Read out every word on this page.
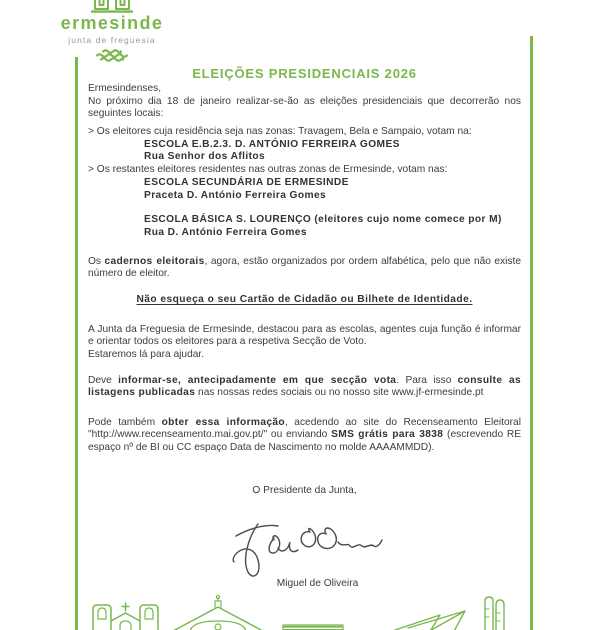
ermesinde
junta de freguesia
ELEIÇÕES PRESIDENCIAIS 2026
Ermesindenses,
No próximo dia 18 de janeiro realizar-se-ão as eleições presidenciais que decorrerão nos seguintes locais:
> Os eleitores cuja residência seja nas zonas: Travagem, Bela e Sampaio, votam na:
ESCOLA E.B.2.3. D. ANTÓNIO FERREIRA GOMES
Rua Senhor dos Aflitos
> Os restantes eleitores residentes nas outras zonas de Ermesinde, votam nas:
ESCOLA SECUNDÁRIA DE ERMESINDE
Praceta D. António Ferreira Gomes
ESCOLA BÁSICA S. LOURENÇO (eleitores cujo nome comece por M)
Rua D. António Ferreira Gomes
Os cadernos eleitorais, agora, estão organizados por ordem alfabética, pelo que não existe número de eleitor.
Não esqueça o seu Cartão de Cidadão ou Bilhete de Identidade.
A Junta da Freguesia de Ermesinde, destacou para as escolas, agentes cuja função é informar e orientar todos os eleitores para a respetiva Secção de Voto.
Estaremos lá para ajudar.
Deve informar-se, antecipadamente em que secção vota. Para isso consulte as listagens publicadas nas nossas redes sociais ou no nosso site www.jf-ermesinde.pt
Pode também obter essa informação, acedendo ao site do Recenseamento Eleitoral "http://www.recenseamento.mai.gov.pt/" ou enviando SMS grátis para 3838 (escrevendo RE espaço nº de BI ou CC espaço Data de Nascimento no molde AAAAMMDD).
O Presidente da Junta,
Miguel de Oliveira
